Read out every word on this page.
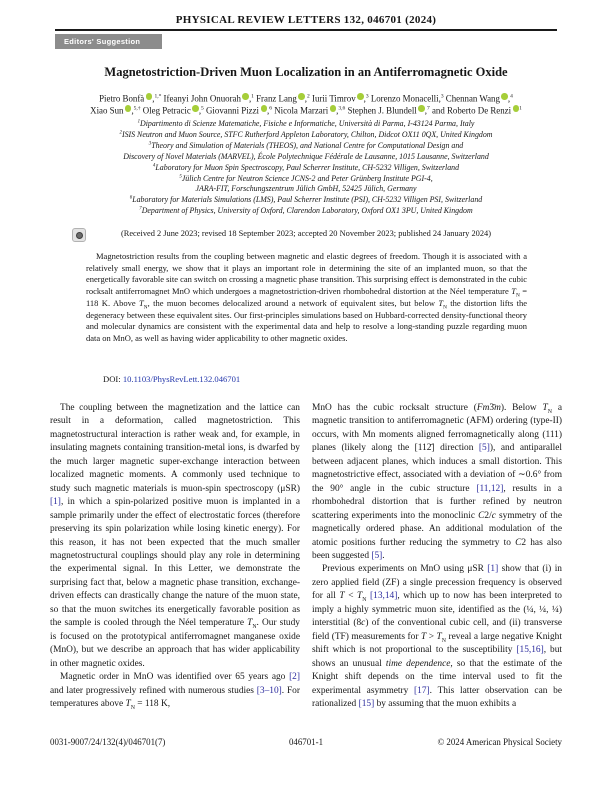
PHYSICAL REVIEW LETTERS 132, 046701 (2024)
Editors' Suggestion
Magnetostriction-Driven Muon Localization in an Antiferromagnetic Oxide
Pietro Bonfà ,$^{1,*}$ Ifeanyi John Onuorah ,$^1$ Franz Lang ,$^2$ Iurii Timrov ,$^3$ Lorenzo Monacelli,$^3$ Chennan Wang ,$^4$
Xiao Sun ,$^{5,\dagger}$ Oleg Petracic ,$^5$ Giovanni Pizzi ,$^6$ Nicola Marzari ,$^{3,6}$ Stephen J. Blundell ,$^7$ and Roberto De Renzi $^1$
$^1$Dipartimento di Scienze Matematiche, Fisiche e Informatiche, Università di Parma, I-43124 Parma, Italy
$^2$ISIS Neutron and Muon Source, STFC Rutherford Appleton Laboratory, Chilton, Didcot OX11 0QX, United Kingdom
$^3$Theory and Simulation of Materials (THEOS), and National Centre for Computational Design and
Discovery of Novel Materials (MARVEL), École Polytechnique Fédérale de Lausanne, 1015 Lausanne, Switzerland
$^4$Laboratory for Muon Spin Spectroscopy, Paul Scherrer Institute, CH-5232 Villigen, Switzerland
$^5$Jülich Centre for Neutron Science JCNS-2 and Peter Grünberg Institute PGI-4,
JARA-FIT, Forschungszentrum Jülich GmbH, 52425 Jülich, Germany
$^6$Laboratory for Materials Simulations (LMS), Paul Scherrer Institute (PSI), CH-5232 Villigen PSI, Switzerland
$^7$Department of Physics, University of Oxford, Clarendon Laboratory, Oxford OX1 3PU, United Kingdom
(Received 2 June 2023; revised 18 September 2023; accepted 20 November 2023; published 24 January 2024)

Magnetostriction results from the coupling between magnetic and elastic degrees of freedom. Though it is associated with a relatively small energy, we show that it plays an important role in determining the site of an implanted muon, so that the energetically favorable site can switch on crossing a magnetic phase transition. This surprising effect is demonstrated in the cubic rocksalt antiferromagnet MnO which undergoes a magnetostriction-driven rhombohedral distortion at the Néel temperature $T_N = 118$ K. Above $T_N$, the muon becomes delocalized around a network of equivalent sites, but below $T_N$ the distortion lifts the degeneracy between these equivalent sites. Our first-principles simulations based on Hubbard-corrected density-functional theory and molecular dynamics are consistent with the experimental data and help to resolve a long-standing puzzle regarding muon data on MnO, as well as having wider applicability to other magnetic oxides.

DOI: 10.1103/PhysRevLett.132.046701

The coupling between the magnetization and the lattice can result in a deformation, called magnetostriction. This magnetostructural interaction is rather weak and, for example, in insulating magnets containing transition-metal ions, is dwarfed by the much larger magnetic super-exchange interaction between localized magnetic moments. A commonly used technique to study such magnetic materials is muon-spin spectroscopy (μSR) [1], in which a spin-polarized positive muon is implanted in a sample primarily under the effect of electrostatic forces (therefore preserving its spin polarization while losing kinetic energy). For this reason, it has not been expected that the much smaller magnetostructural couplings should play any role in determining the experimental signal. In this Letter, we demonstrate the surprising fact that, below a magnetic phase transition, exchange-driven effects can drastically change the nature of the muon state, so that the muon switches its energetically favorable position as the sample is cooled through the Néel temperature $T_N$. Our study is focused on the prototypical antiferromagnet manganese oxide (MnO), but we describe an approach that has wider applicability in other magnetic oxides.

Magnetic order in MnO was identified over 65 years ago [2] and later progressively refined with numerous studies [3–10]. For temperatures above $T_N = 118$ K,

MnO has the cubic rocksalt structure (Fm3̄m). Below $T_N$ a magnetic transition to antiferromagnetic (AFM) ordering (type-II) occurs, with Mn moments aligned ferromagnetically along (111) planes (likely along the [112̄] direction [5]), and antiparallel between adjacent planes, which induces a small distortion. This magnetostrictive effect, associated with a deviation of ∼0.6° from the 90° angle in the cubic structure [11,12], results in a rhombohedral distortion that is further refined by neutron scattering experiments into the monoclinic C2/c symmetry of the magnetically ordered phase. An additional modulation of the atomic positions further reducing the symmetry to C2 has also been suggested [5].

Previous experiments on MnO using μSR [1] show that (i) in zero applied field (ZF) a single precession frequency is observed for all $T < T_N$ [13,14], which up to now has been interpreted to imply a highly symmetric muon site, identified as the (¼, ¼, ¼) interstitial (8c) of the conventional cubic cell, and (ii) transverse field (TF) measurements for $T > T_N$ reveal a large negative Knight shift which is not proportional to the susceptibility [15,16], but shows an unusual time dependence, so that the estimate of the Knight shift depends on the time interval used to fit the experimental asymmetry [17]. This latter observation can be rationalized [15] by assuming that the muon exhibits a

0031-9007/24/132(4)/046701(7)	046701-1	© 2024 American Physical Society
